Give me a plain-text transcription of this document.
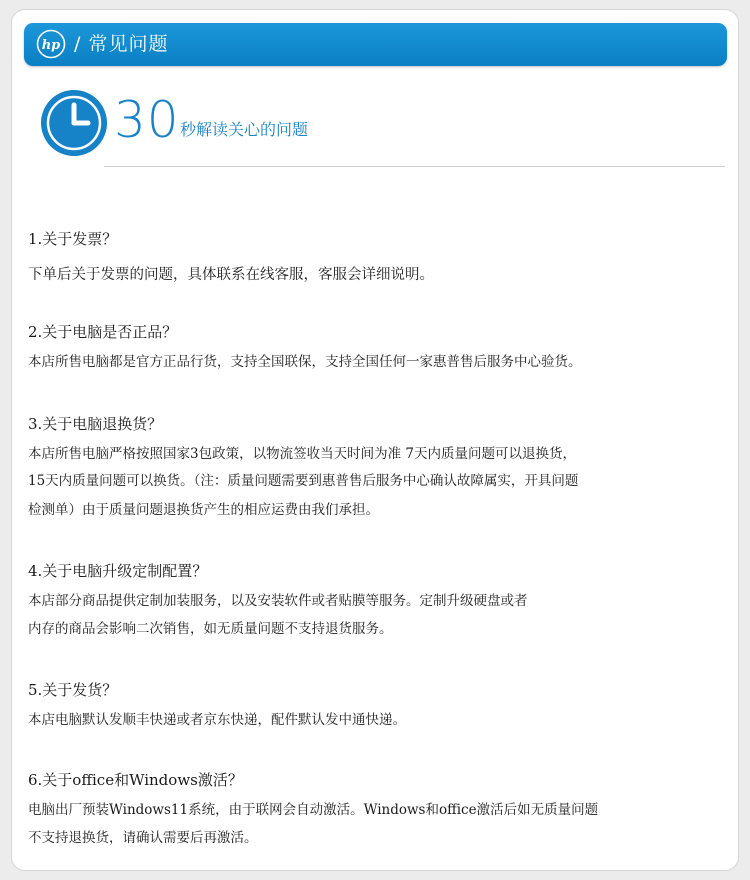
hp / 常见问题
30 秒解读关心的问题

1.关于发票？

下单后关于发票的问题，具体联系在线客服，客服会详细说明。

2.关于电脑是否正品？

本店所售电脑都是官方正品行货，支持全国联保，支持全国任何一家惠普售后服务中心验货。

3.关于电脑退换货？

本店所售电脑严格按照国家3包政策，以物流签收当天时间为准 7天内质量问题可以退换货，

15天内质量问题可以换货。（注：质量问题需要到惠普售后服务中心确认故障属实，开具问题

检测单）由于质量问题退换货产生的相应运费由我们承担。

4.关于电脑升级定制配置？

本店部分商品提供定制加装服务，以及安装软件或者贴膜等服务。定制升级硬盘或者

内存的商品会影响二次销售，如无质量问题不支持退货服务。

5.关于发货？

本店电脑默认发顺丰快递或者京东快递，配件默认发中通快递。

6.关于office和Windows激活？

电脑出厂预装Windows11系统，由于联网会自动激活。Windows和office激活后如无质量问题

不支持退换货，请确认需要后再激活。
